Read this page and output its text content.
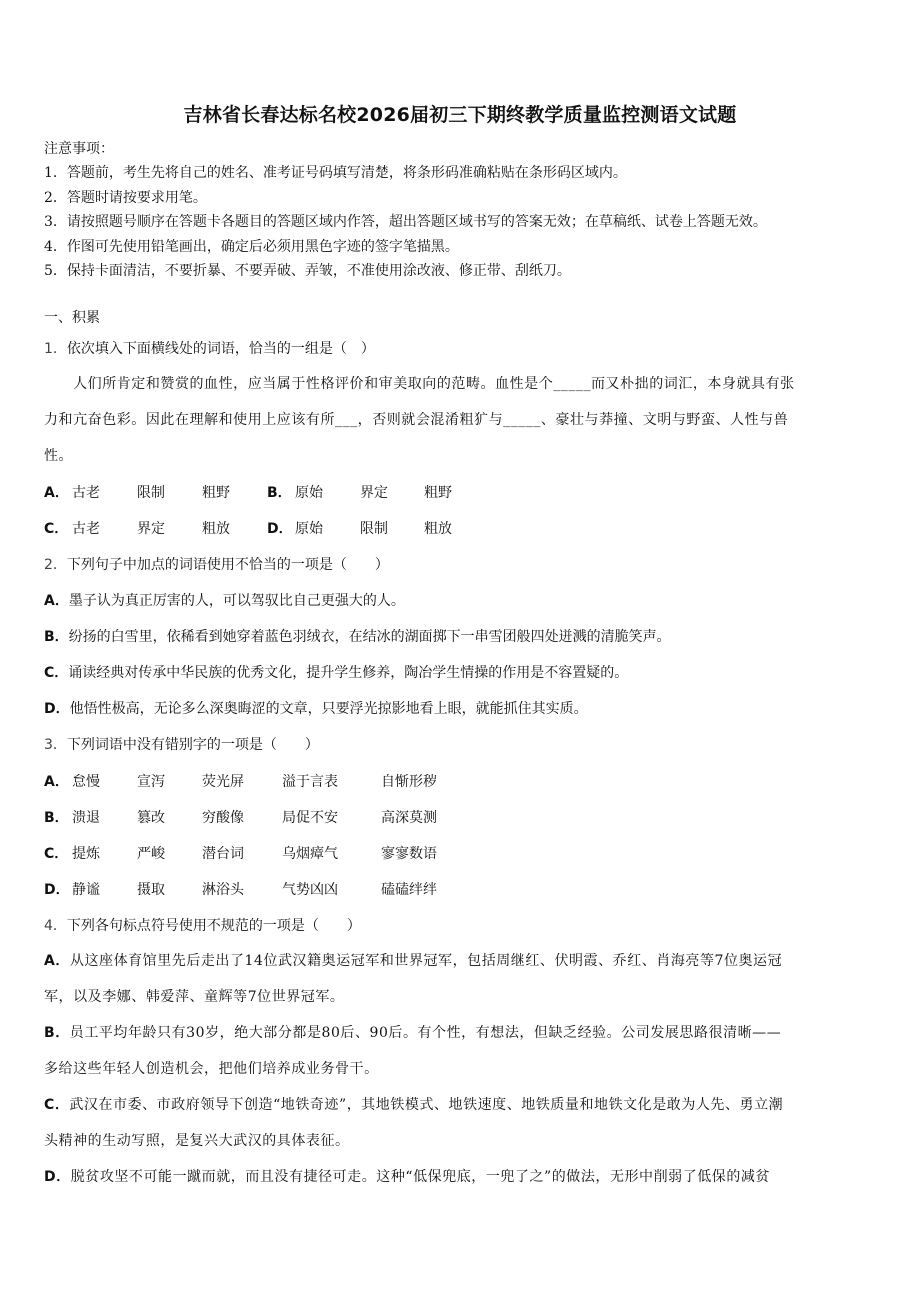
吉林省长春达标名校2026届初三下期终教学质量监控测语文试题
注意事项：
1．答题前，考生先将自己的姓名、准考证号码填写清楚，将条形码准确粘贴在条形码区域内。
2．答题时请按要求用笔。
3．请按照题号顺序在答题卡各题目的答题区域内作答，超出答题区域书写的答案无效；在草稿纸、试卷上答题无效。
4．作图可先使用铅笔画出，确定后必须用黑色字迹的签字笔描黑。
5．保持卡面清洁，不要折暴、不要弄破、弄皱，不准使用涂改液、修正带、刮纸刀。
一、积累
1．依次填入下面横线处的词语，恰当的一组是（　）
　　人们所肯定和赞赏的血性，应当属于性格评价和审美取向的范畴。血性是个_____而又朴拙的词汇，本身就具有张
力和亢奋色彩。因此在理解和使用上应该有所___，否则就会混淆粗犷与_____、豪壮与莽撞、文明与野蛮、人性与兽
性。
A． 古老	限制	粗野	B． 原始	界定	粗野
C． 古老	界定	粗放	D． 原始	限制	粗放
2．下列句子中加点的词语使用不恰当的一项是（　　）
A．墨子认为真正厉害的人，可以驾驭比自己更强大的人。
B．纷扬的白雪里，依稀看到她穿着蓝色羽绒衣，在结冰的湖面掷下一串雪团般四处迸溅的清脆笑声。
C．诵读经典对传承中华民族的优秀文化，提升学生修养，陶冶学生情操的作用是不容置疑的。
D．他悟性极高，无论多么深奥晦涩的文章，只要浮光掠影地看上眼，就能抓住其实质。
3．下列词语中没有错别字的一项是（　　）
A． 怠慢	宣泻	荧光屏	溢于言表	自惭形秽
B． 溃退	篡改	穷酸像	局促不安	高深莫测
C． 提炼	严峻	潜台词	乌烟瘴气	寥寥数语
D． 静谧	摄取	淋浴头	气势凶凶	磕磕绊绊
4．下列各句标点符号使用不规范的一项是（　　）
A．从这座体育馆里先后走出了14位武汉籍奥运冠军和世界冠军，包括周继红、伏明霞、乔红、肖海亮等7位奥运冠
军，以及李娜、韩爱萍、童辉等7位世界冠军。
B．员工平均年龄只有30岁，绝大部分都是80后、90后。有个性，有想法，但缺乏经验。公司发展思路很清晰——
多给这些年轻人创造机会，把他们培养成业务骨干。
C．武汉在市委、市政府领导下创造“地铁奇迹”，其地铁模式、地铁速度、地铁质量和地铁文化是敢为人先、勇立潮
头精神的生动写照，是复兴大武汉的具体表征。
D．脱贫攻坚不可能一蹴而就，而且没有捷径可走。这种“低保兜底，一兜了之”的做法，无形中削弱了低保的减贫
